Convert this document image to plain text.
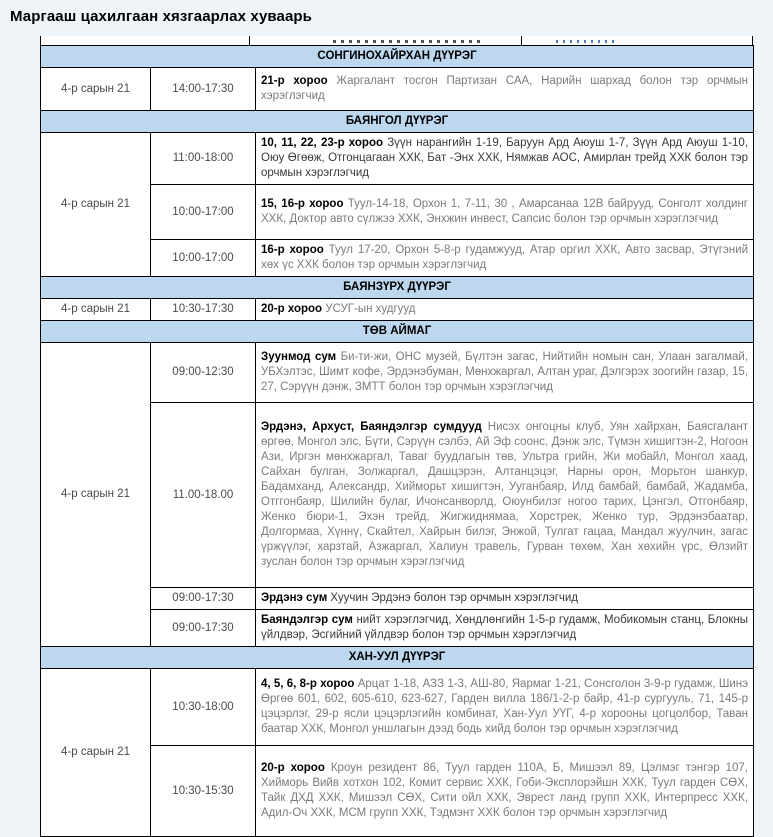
Маргааш цахилгаан хязгаарлах хуваарь
СОНГИНОХАЙРХАН ДҮҮРЭГ		
4-р сарын 21	14:00-17:30	21-р хороо Жаргалант тосгон Партизан САА, Нарийн шархад болон тэр орчмын хэрэглэгчид
БАЯНГОЛ ДҮҮРЭГ		
4-р сарын 21	11:00-18:00	10, 11, 22, 23-р хороо Зүүн нарангийн 1-19, Баруун Ард Аюуш 1-7, Зүүн Ард Аюуш 1-10, Оюу Өгөөж, Отгонцагаан ХХК, Бат -Энх ХХК, Нямжав АОС, Амирлан трейд ХХК болон тэр орчмын хэрэглэгчид
	10:00-17:00	15, 16-р хороо Туул-14-18, Орхон 1, 7-11, 30 , Амарсанаа 12В байрууд, Сонголт холдинг ХХК, Доктор авто сүлжээ ХХК, Энхжин инвест, Сапсис болон тэр орчмын хэрэглэгчид
	10:00-17:00	16-р хороо Туул 17-20, Орхон 5-8-р гудамжууд, Атар оргил ХХК, Авто засвар, Этүгэний хөх үс ХХК болон тэр орчмын хэрэглэгчид
БАЯНЗҮРХ ДҮҮРЭГ		
4-р сарын 21	10:30-17:30	20-р хороо УСУГ-ын худгууд
ТӨВ АЙМАГ		
4-р сарын 21	09:00-12:30	Зуунмод сум Би-ти-жи, ОНС музей, Бүлтэн загас, Нийтийн номын сан, Улаан загалмай, УБХэлтэс, Шимт кофе, Эрдэнэбуман, Мөнхжаргал, Алтан ураг, Дэлгэрэх зоогийн газар, 15, 27, Сэрүүн дэнж, ЗМТТ болон тэр орчмын хэрэглэгчид
	11.00-18.00	Эрдэнэ, Архуст, Баяндэлгэр сумдууд Нисэх онгоцны клуб, Уян хайрхан, Баясгалант өргөө, Монгол элс, Бүти, Сэрүүн сэлбэ, Ай Эф соонс, Дэнж элс, Түмэн хишигтэн-2, Ногоон Ази, Иргэн мөнхжаргал, Таваг буудлагын төв, Ультра грийн, Жи мобайл, Монгол хаад, Сайхан булган, Золжаргал, Дашцэрэн, Алтанцэцэг, Нарны орон, Морьтон шанкур, Бадамханд, Александр, Хийморьт хишигтэн, Ууганбаяр, Илд бамбай, бамбай, Жадамба, Отггонбаяр, Шилийн булаг, Ичонсанворлд, Оюунбилэг ногоо тарих, Цэнгэл, Отгонбаяр, Женко бюри-1, Эхэн трейд, Жигжиднямаа, Хорстрек, Женко тур, Эрдэнэбаатар, Долгормаа, Хүннү, Скайтел, Хайрын билэг, Энжой, Тулгат гацаа, Мандал жуулчин, загас үржүүлэг, харзтай, Азжаргал, Халиун травель, Гурван төхөм, Хан хөхийн үрс, Өлзийт зуслан болон тэр орчмын хэрэглэгчид
	09:00-17:30	Эрдэнэ сум Хуучин Эрдэнэ болон тэр орчмын хэрэглэгчид
	09:00-17:30	Баяндэлгэр сум нийт хэрэглэгчид, Хөндлөнгийн 1-5-р гудамж, Мобикомын станц, Блокны үйлдвэр, Эсгийний үйлдвэр болон тэр орчмын хэрэглэгчид
ХАН-УУЛ ДҮҮРЭГ		
4-р сарын 21	10:30-18:00	4, 5, 6, 8-р хороо Арцат 1-18, АЗЗ 1-3, АШ-80, Яармаг 1-21, Сонсголон 3-9-р гудамж, Шинэ Өргөө 601, 602, 605-610, 623-627, Гарден вилла 186/1-2-р байр, 41-р сургууль, 71, 145-р цэцэрлэг, 29-р ясли цэцэрлэгийн комбинат, Хан-Уул УҮГ, 4-р хорооны цогцолбор, Таван баатар ХХК, Монгол уншлагын дээд бодь хийд болон тэр орчмын хэрэглэгчид
	10:30-15:30	20-р хороо Кроун резидент 86, Туул гарден 110А, Б, Мишээл 89, Цэлмэг тэнгэр 107, Хийморь Вийв хотхон 102, Комит сервис ХХК, Гоби-Эксплорэйшн ХХК, Туул гарден СӨХ, Тайк ДХД ХХК, Мишээл СӨХ, Сити ойл ХХК, Эврест ланд групп ХХК, Интерпресс ХХК, Адил-Оч ХХК, МСМ групп ХХК, Тэдмэнт ХХК болон тэр орчмын хэрэглэгчид
